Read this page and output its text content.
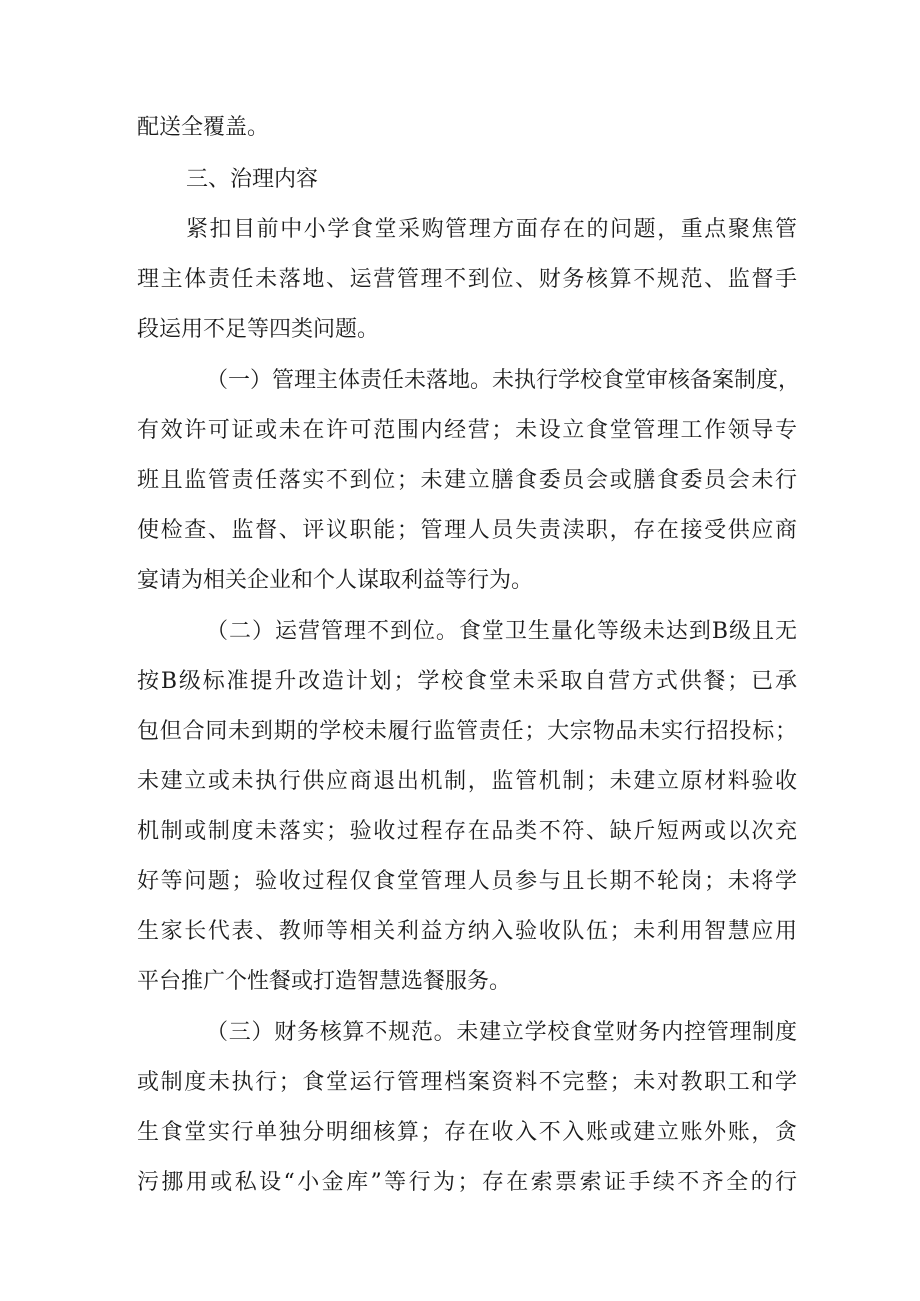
配送全覆盖。
三、治理内容
紧扣目前中小学食堂采购管理方面存在的问题，重点聚焦管
理主体责任未落地、运营管理不到位、财务核算不规范、监督手
段运用不足等四类问题。
（一）管理主体责任未落地。未执行学校食堂审核备案制度，
有效许可证或未在许可范围内经营；未设立食堂管理工作领导专
班且监管责任落实不到位；未建立膳食委员会或膳食委员会未行
使检查、监督、评议职能；管理人员失责渎职，存在接受供应商
宴请为相关企业和个人谋取利益等行为。
（二）运营管理不到位。食堂卫生量化等级未达到B级且无
按B级标准提升改造计划；学校食堂未采取自营方式供餐；已承
包但合同未到期的学校未履行监管责任；大宗物品未实行招投标；
未建立或未执行供应商退出机制，监管机制；未建立原材料验收
机制或制度未落实；验收过程存在品类不符、缺斤短两或以次充
好等问题；验收过程仅食堂管理人员参与且长期不轮岗；未将学
生家长代表、教师等相关利益方纳入验收队伍；未利用智慧应用
平台推广个性餐或打造智慧选餐服务。
（三）财务核算不规范。未建立学校食堂财务内控管理制度
或制度未执行；食堂运行管理档案资料不完整；未对教职工和学
生食堂实行单独分明细核算；存在收入不入账或建立账外账，贪
污挪用或私设“小金库”等行为；存在索票索证手续不齐全的行
